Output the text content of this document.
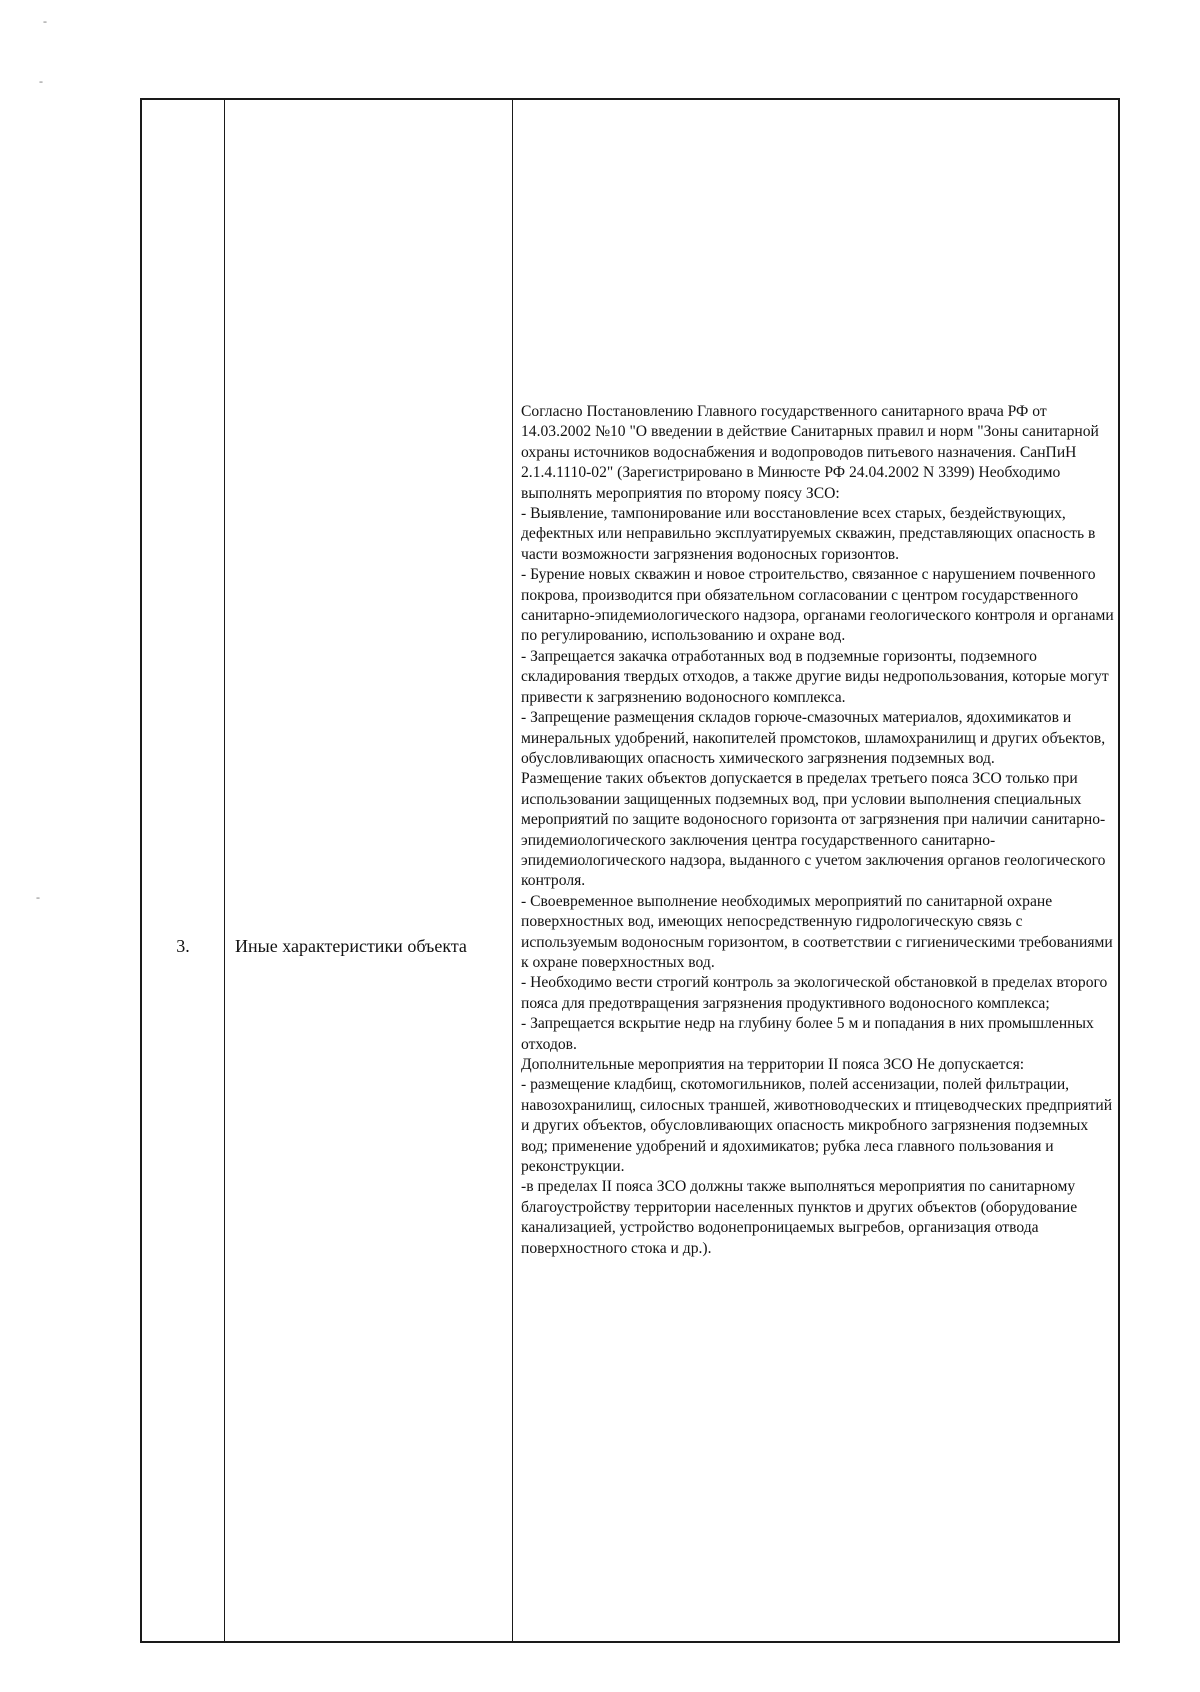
-
-
-
3.	Иные характеристики объекта

Согласно Постановлению Главного государственного санитарного врача РФ от 14.03.2002 №10 "О введении в действие Санитарных правил и норм "Зоны санитарной охраны источников водоснабжения и водопроводов питьевого назначения. СанПиН 2.1.4.1110-02" (Зарегистрировано в Минюсте РФ 24.04.2002 N 3399) Необходимо выполнять мероприятия по второму поясу ЗСО:

- Выявление, тампонирование или восстановление всех старых, бездействующих, дефектных или неправильно эксплуатируемых скважин, представляющих опасность в части возможности загрязнения водоносных горизонтов.

- Бурение новых скважин и новое строительство, связанное с нарушением почвенного покрова, производится при обязательном согласовании с центром государственного санитарно-эпидемиологического надзора, органами геологического контроля и органами по регулированию, использованию и охране вод.

- Запрещается закачка отработанных вод в подземные горизонты, подземного складирования твердых отходов, а также другие виды недропользования, которые могут привести к загрязнению водоносного комплекса.

- Запрещение размещения складов горюче-смазочных материалов, ядохимикатов и минеральных удобрений, накопителей промстоков, шламохранилищ и других объектов, обусловливающих опасность химического загрязнения подземных вод.

Размещение таких объектов допускается в пределах третьего пояса ЗСО только при использовании защищенных подземных вод, при условии выполнения специальных мероприятий по защите водоносного горизонта от загрязнения при наличии санитарно-эпидемиологического заключения центра государственного санитарно-эпидемиологического надзора, выданного с учетом заключения органов геологического контроля.

- Своевременное выполнение необходимых мероприятий по санитарной охране поверхностных вод, имеющих непосредственную гидрологическую связь с используемым водоносным горизонтом, в соответствии с гигиеническими требованиями к охране поверхностных вод.

- Необходимо вести строгий контроль за экологической обстановкой в пределах второго пояса для предотвращения загрязнения продуктивного водоносного комплекса;

- Запрещается вскрытие недр на глубину более 5 м и попадания в них промышленных отходов.

Дополнительные мероприятия на территории II пояса ЗСО Не допускается:

- размещение кладбищ, скотомогильников, полей ассенизации, полей фильтрации, навозохранилищ, силосных траншей, животноводческих и птицеводческих предприятий и других объектов, обусловливающих опасность микробного загрязнения подземных вод; применение удобрений и ядохимикатов; рубка леса главного пользования и реконструкции.

-в пределах II пояса ЗСО должны также выполняться мероприятия по санитарному благоустройству территории населенных пунктов и других объектов (оборудование канализацией, устройство водонепроницаемых выгребов, организация отвода поверхностного стока и др.).
